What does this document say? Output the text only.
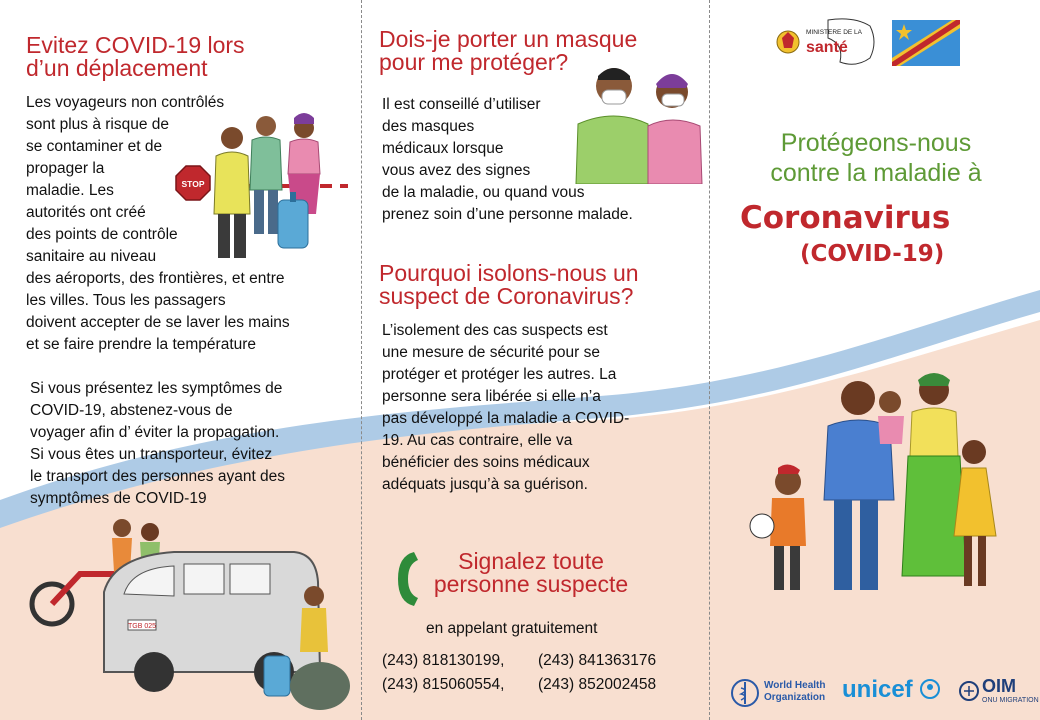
Evitez COVID-19 lors
d’un déplacement
Les voyageurs non contrôlés
sont plus à risque de
se contaminer et de
propager la
maladie. Les
autorités ont créé
des points de contrôle
sanitaire au niveau
des aéroports, des frontières, et entre
les villes. Tous les passagers
doivent accepter de se laver les mains
et se faire prendre la température
STOP
Si vous présentez les symptômes de
COVID-19, abstenez-vous de
voyager afin d’ éviter la propagation.
Si vous êtes un transporteur, évitez
le transport des personnes ayant des
symptômes de COVID-19
TGB 025
Dois-je porter un masque
pour me protéger?
Il est conseillé d’utiliser
des masques
médicaux lorsque
vous avez des signes
de la maladie, ou quand vous
prenez soin d’une personne malade.
Pourquoi isolons-nous un
suspect de Coronavirus?
L’isolement des cas suspects est
une mesure de sécurité pour se
protéger et protéger les autres. La
personne sera libérée si elle n’a
pas développé la maladie a COVID-
19. Au cas contraire, elle va
bénéficier des soins médicaux
adéquats jusqu’à sa guérison.
Signalez toute
personne suspecte
en appelant gratuitement
(243) 818130199, (243) 841363176
(243) 815060554, (243) 852002458
MINISTERE DE LA
santé
Protégeons-nous
contre la maladie à
Coronavirus
(COVID-19)
World Health
Organization unicef	OIM
ONU MIGRATION
